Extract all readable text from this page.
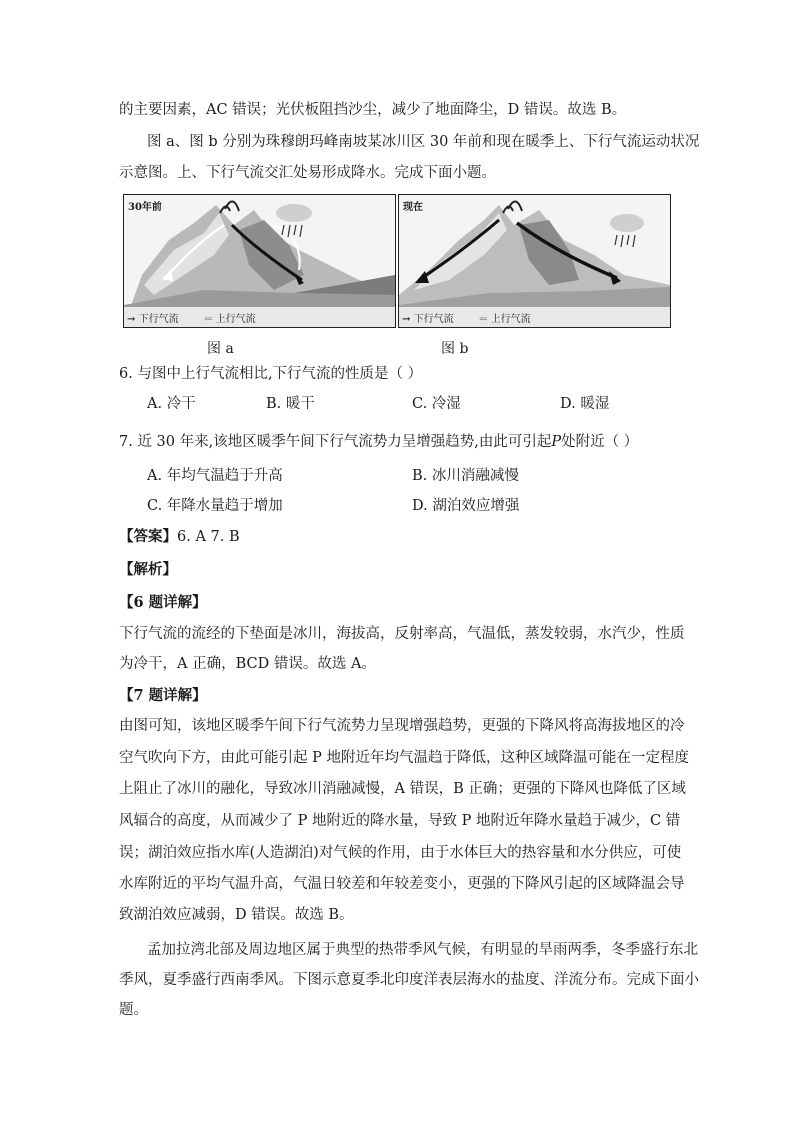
的主要因素，AC 错误；光伏板阻挡沙尘，减少了地面降尘，D 错误。故选 B。
图 a、图 b 分别为珠穆朗玛峰南坡某冰川区 30 年前和现在暖季上、下行气流运动状况
示意图。上、下行气流交汇处易形成降水。完成下面小题。
30年前
→ 下行气流	⇐ 上行气流
现在
→ 下行气流	⇐ 上行气流
图 a	图 b
6. 与图中上行气流相比,下行气流的性质是（ ）
A. 冷干	B. 暖干	C. 冷湿	D. 暖湿
7. 近 30 年来,该地区暖季午间下行气流势力呈增强趋势,由此可引起P处附近（ ）
A. 年均气温趋于升高	B. 冰川消融减慢
C. 年降水量趋于增加	D. 湖泊效应增强
【答案】6. A 7. B
【解析】
【6 题详解】
下行气流的流经的下垫面是冰川，海拔高，反射率高，气温低，蒸发较弱，水汽少，性质
为冷干，A 正确，BCD 错误。故选 A。
【7 题详解】
由图可知，该地区暖季午间下行气流势力呈现增强趋势，更强的下降风将高海拔地区的冷
空气吹向下方，由此可能引起 P 地附近年均气温趋于降低，这种区域降温可能在一定程度
上阻止了冰川的融化，导致冰川消融减慢，A 错误，B 正确；更强的下降风也降低了区域
风辐合的高度，从而减少了 P 地附近的降水量，导致 P 地附近年降水量趋于减少，C 错
误；湖泊效应指水库(人造湖泊)对气候的作用，由于水体巨大的热容量和水分供应，可使
水库附近的平均气温升高，气温日较差和年较差变小，更强的下降风引起的区域降温会导
致湖泊效应减弱，D 错误。故选 B。
孟加拉湾北部及周边地区属于典型的热带季风气候，有明显的旱雨两季，冬季盛行东北
季风，夏季盛行西南季风。下图示意夏季北印度洋表层海水的盐度、洋流分布。完成下面小
题。
